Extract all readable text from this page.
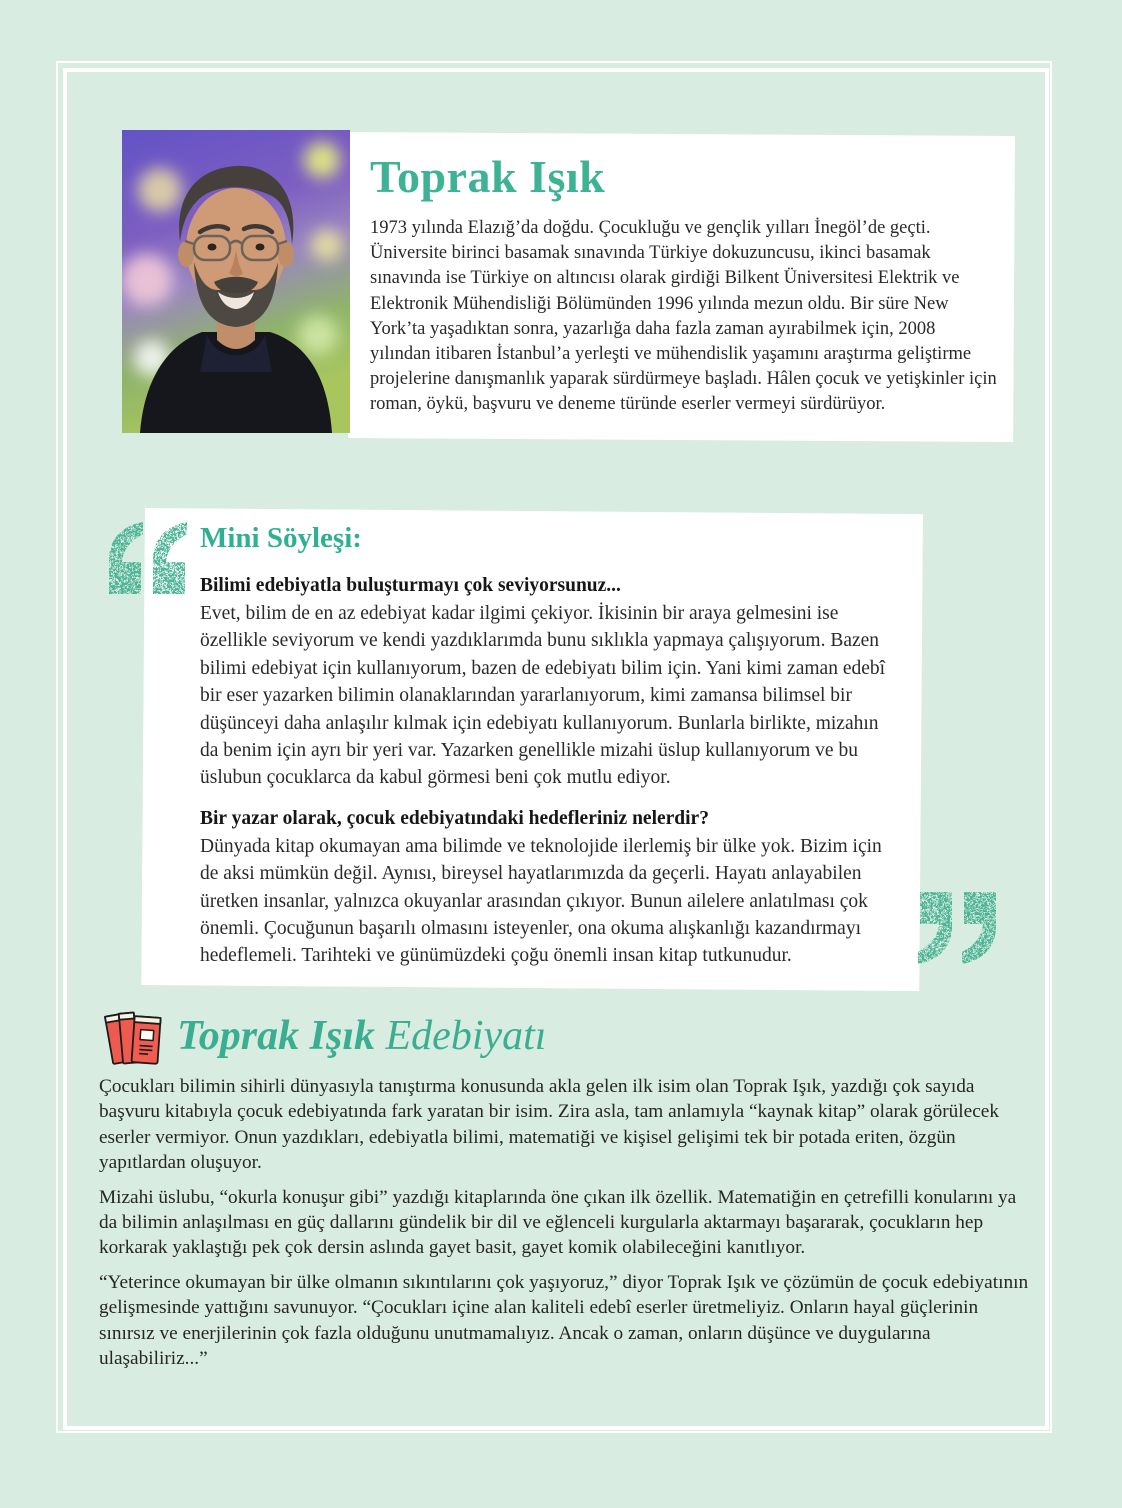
Toprak Işık

1973 yılında Elazığ’da doğdu. Çocukluğu ve gençlik yılları İnegöl’de geçti. Üniversite birinci basamak sınavında Türkiye dokuzuncusu, ikinci basamak sınavında ise Türkiye on altıncısı olarak girdiği Bilkent Üniversitesi Elektrik ve Elektronik Mühendisliği Bölümünden 1996 yılında mezun oldu. Bir süre New York’ta yaşadıktan sonra, yazarlığa daha fazla zaman ayırabilmek için, 2008 yılından itibaren İstanbul’a yerleşti ve mühendislik yaşamını araştırma geliştirme projelerine danışmanlık yaparak sürdürmeye başladı. Hâlen çocuk ve yetişkinler için roman, öykü, başvuru ve deneme türünde eserler vermeyi sürdürüyor.

Mini Söyleşi:

Bilimi edebiyatla buluşturmayı çok seviyorsunuz...

Evet, bilim de en az edebiyat kadar ilgimi çekiyor. İkisinin bir araya gelmesini ise özellikle seviyorum ve kendi yazdıklarımda bunu sıklıkla yapmaya çalışıyorum. Bazen bilimi edebiyat için kullanıyorum, bazen de edebiyatı bilim için. Yani kimi zaman edebî bir eser yazarken bilimin olanaklarından yararlanıyorum, kimi zamansa bilimsel bir düşünceyi daha anlaşılır kılmak için edebiyatı kullanıyorum. Bunlarla birlikte, mizahın da benim için ayrı bir yeri var. Yazarken genellikle mizahi üslup kullanıyorum ve bu üslubun çocuklarca da kabul görmesi beni çok mutlu ediyor.

Bir yazar olarak, çocuk edebiyatındaki hedefleriniz nelerdir?

Dünyada kitap okumayan ama bilimde ve teknolojide ilerlemiş bir ülke yok. Bizim için de aksi mümkün değil. Aynısı, bireysel hayatlarımızda da geçerli. Hayatı anlayabilen üretken insanlar, yalnızca okuyanlar arasından çıkıyor. Bunun ailelere anlatılması çok önemli. Çocuğunun başarılı olmasını isteyenler, ona okuma alışkanlığı kazandırmayı hedeflemeli. Tarihteki ve günümüzdeki çoğu önemli insan kitap tutkunudur.

Toprak Işık Edebiyatı

Çocukları bilimin sihirli dünyasıyla tanıştırma konusunda akla gelen ilk isim olan Toprak Işık, yazdığı çok sayıda başvuru kitabıyla çocuk edebiyatında fark yaratan bir isim. Zira asla, tam anlamıyla “kaynak kitap” olarak görülecek eserler vermiyor. Onun yazdıkları, edebiyatla bilimi, matematiği ve kişisel gelişimi tek bir potada eriten, özgün yapıtlardan oluşuyor.

Mizahi üslubu, “okurla konuşur gibi” yazdığı kitaplarında öne çıkan ilk özellik. Matematiğin en çetrefilli konularını ya da bilimin anlaşılması en güç dallarını gündelik bir dil ve eğlenceli kurgularla aktarmayı başararak, çocukların hep korkarak yaklaştığı pek çok dersin aslında gayet basit, gayet komik olabileceğini kanıtlıyor.

“Yeterince okumayan bir ülke olmanın sıkıntılarını çok yaşıyoruz,” diyor Toprak Işık ve çözümün de çocuk edebiyatının gelişmesinde yattığını savunuyor. “Çocukları içine alan kaliteli edebî eserler üretmeliyiz. Onların hayal güçlerinin sınırsız ve enerjilerinin çok fazla olduğunu unutmamalıyız. Ancak o zaman, onların düşünce ve duygularına ulaşabiliriz...”
